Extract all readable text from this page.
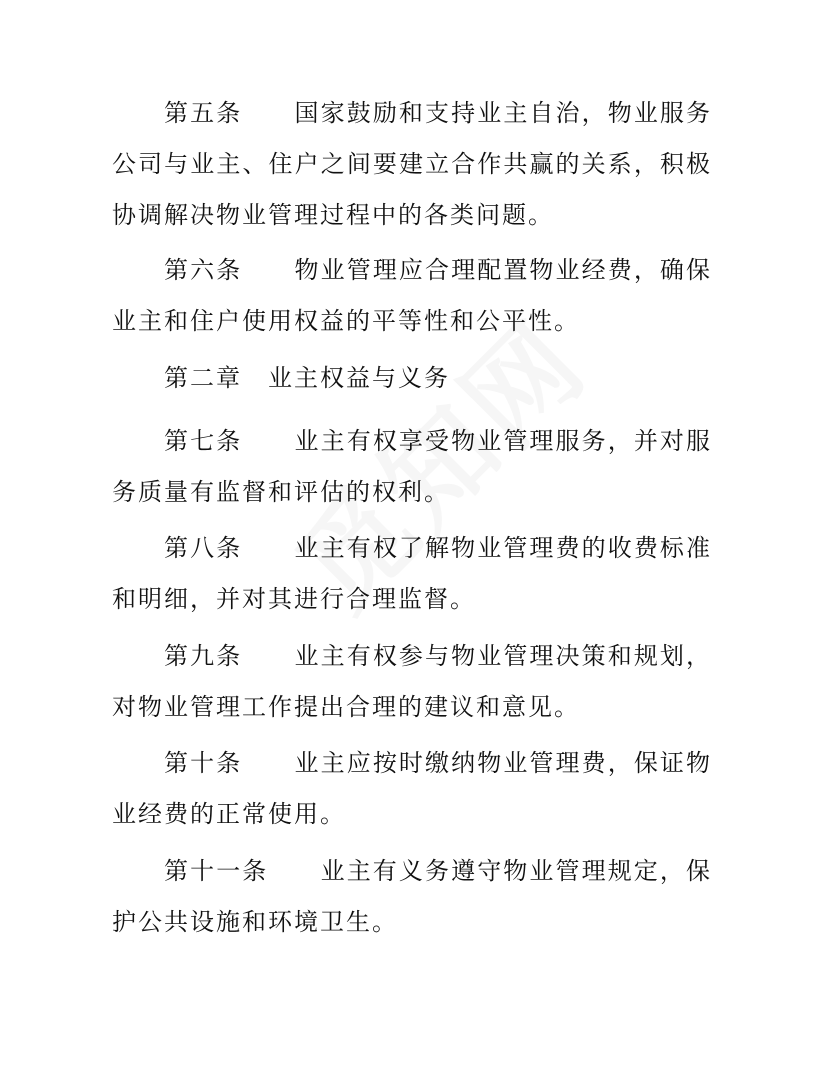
第五条　　 国家鼓励和支持业主自治，物业服务公司与业主、住户之间要建立合作共赢的关系，积极协调解决物业管理过程中的各类问题。

第六条　　 物业管理应合理配置物业经费，确保业主和住户使用权益的平等性和公平性。

第二章　 业主权益与义务

第七条　　 业主有权享受物业管理服务，并对服务质量有监督和评估的权利。

第八条　　 业主有权了解物业管理费的收费标准和明细，并对其进行合理监督。

第九条　　 业主有权参与物业管理决策和规划，对物业管理工作提出合理的建议和意见。

第十条　　 业主应按时缴纳物业管理费，保证物业经费的正常使用。

第十一条　　 业主有义务遵守物业管理规定，保护公共设施和环境卫生。
